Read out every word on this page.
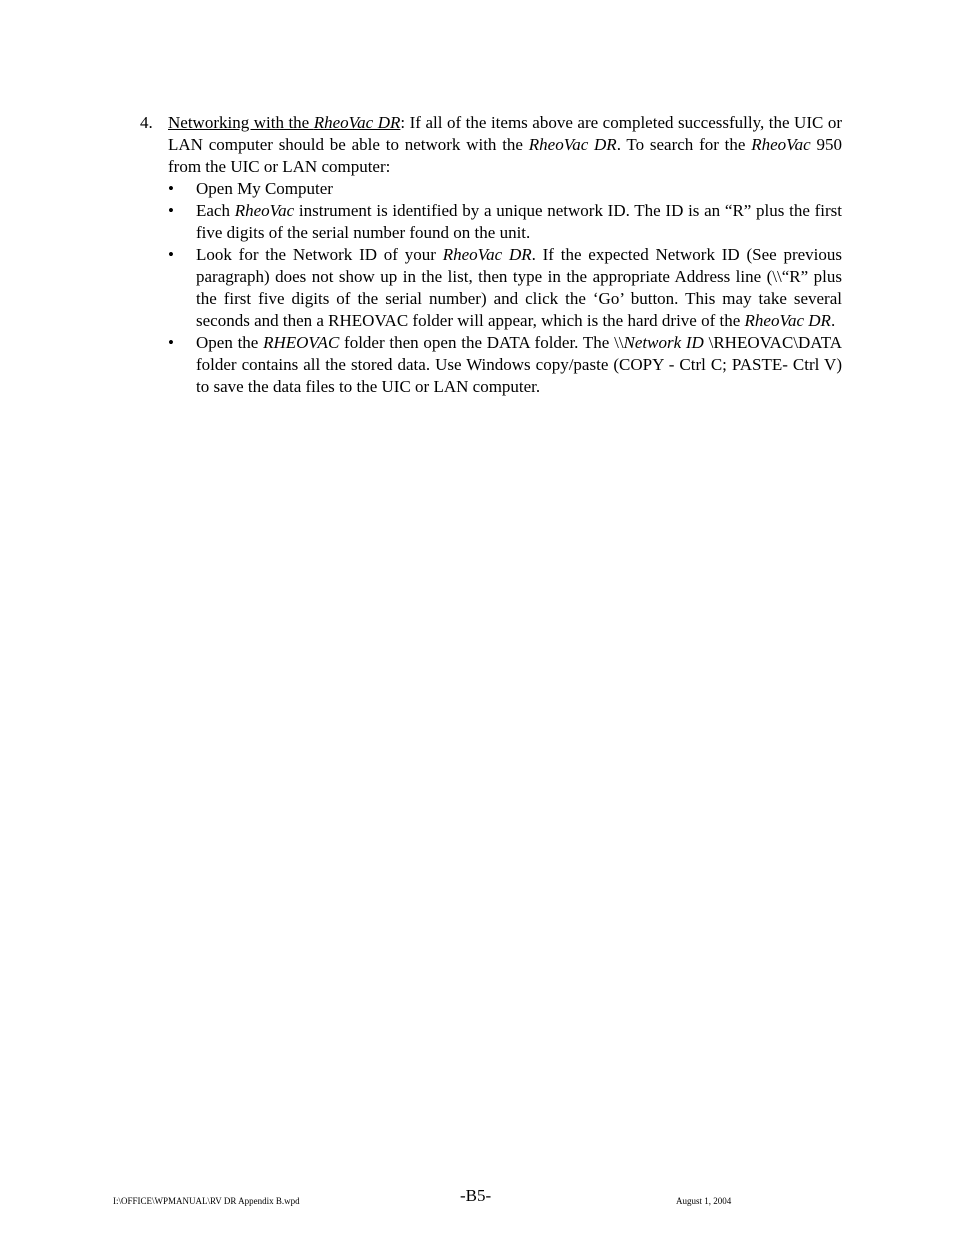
4. Networking with the RheoVac DR: If all of the items above are completed successfully, the UIC or LAN computer should be able to network with the RheoVac DR. To search for the RheoVac 950 from the UIC or LAN computer:
• Open My Computer
• Each RheoVac instrument is identified by a unique network ID. The ID is an “R” plus the first five digits of the serial number found on the unit.
• Look for the Network ID of your RheoVac DR. If the expected Network ID (See previous paragraph) does not show up in the list, then type in the appropriate Address line (\\“R” plus the first five digits of the serial number) and click the ‘Go’ button. This may take several seconds and then a RHEOVAC folder will appear, which is the hard drive of the RheoVac DR.
• Open the RHEOVAC folder then open the DATA folder. The \\Network ID \RHEOVAC\DATA folder contains all the stored data. Use Windows copy/paste (COPY - Ctrl C; PASTE- Ctrl V) to save the data files to the UIC or LAN computer.
I:\OFFICE\WPMANUAL\RV DR Appendix B.wpd	-B5-	August 1, 2004
